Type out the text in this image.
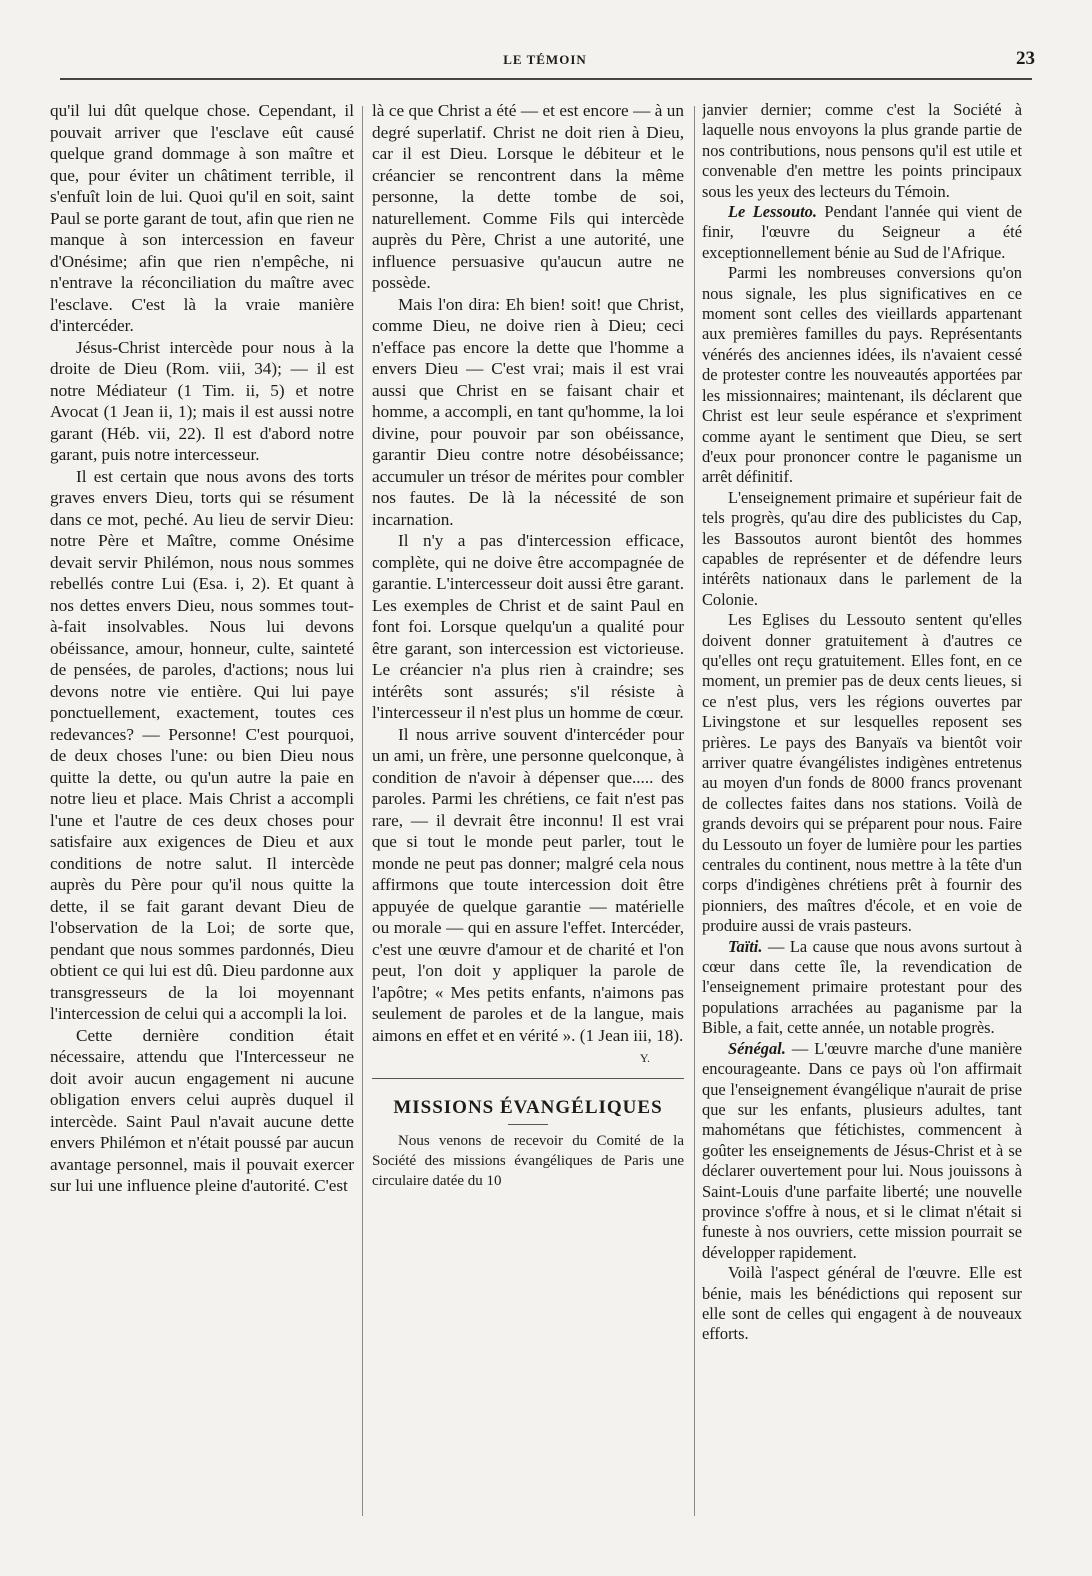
LE TÉMOIN	23

qu'il lui dût quelque chose. Cependant, il pouvait arriver que l'esclave eût causé quelque grand dommage à son maître et que, pour éviter un châtiment terrible, il s'enfuît loin de lui. Quoi qu'il en soit, saint Paul se porte garant de tout, afin que rien ne manque à son intercession en faveur d'Onésime; afin que rien n'empêche, ni n'entrave la réconciliation du maître avec l'esclave. C'est là la vraie manière d'intercéder.

Jésus-Christ intercède pour nous à la droite de Dieu (Rom. viii, 34); — il est notre Médiateur (1 Tim. ii, 5) et notre Avocat (1 Jean ii, 1); mais il est aussi notre garant (Héb. vii, 22). Il est d'abord notre garant, puis notre intercesseur.

Il est certain que nous avons des torts graves envers Dieu, torts qui se résument dans ce mot, peché. Au lieu de servir Dieu: notre Père et Maître, comme Onésime devait servir Philémon, nous nous sommes rebellés contre Lui (Esa. i, 2). Et quant à nos dettes envers Dieu, nous sommes tout-à-fait insolvables. Nous lui devons obéissance, amour, honneur, culte, sainteté de pensées, de paroles, d'actions; nous lui devons notre vie entière. Qui lui paye ponctuellement, exactement, toutes ces redevances? — Personne! C'est pourquoi, de deux choses l'une: ou bien Dieu nous quitte la dette, ou qu'un autre la paie en notre lieu et place. Mais Christ a accompli l'une et l'autre de ces deux choses pour satisfaire aux exigences de Dieu et aux conditions de notre salut. Il intercède auprès du Père pour qu'il nous quitte la dette, il se fait garant devant Dieu de l'observation de la Loi; de sorte que, pendant que nous sommes pardonnés, Dieu obtient ce qui lui est dû. Dieu pardonne aux transgresseurs de la loi moyennant l'intercession de celui qui a accompli la loi.

Cette dernière condition était nécessaire, attendu que l'Intercesseur ne doit avoir aucun engagement ni aucune obligation envers celui auprès duquel il intercède. Saint Paul n'avait aucune dette envers Philémon et n'était poussé par aucun avantage personnel, mais il pouvait exercer sur lui une influence pleine d'autorité. C'est

là ce que Christ a été — et est encore — à un degré superlatif. Christ ne doit rien à Dieu, car il est Dieu. Lorsque le débiteur et le créancier se rencontrent dans la même personne, la dette tombe de soi, naturellement. Comme Fils qui intercède auprès du Père, Christ a une autorité, une influence persuasive qu'aucun autre ne possède.

Mais l'on dira: Eh bien! soit! que Christ, comme Dieu, ne doive rien à Dieu; ceci n'efface pas encore la dette que l'homme a envers Dieu — C'est vrai; mais il est vrai aussi que Christ en se faisant chair et homme, a accompli, en tant qu'homme, la loi divine, pour pouvoir par son obéissance, garantir Dieu contre notre désobéissance; accumuler un trésor de mérites pour combler nos fautes. De là la nécessité de son incarnation.

Il n'y a pas d'intercession efficace, complète, qui ne doive être accompagnée de garantie. L'intercesseur doit aussi être garant. Les exemples de Christ et de saint Paul en font foi. Lorsque quelqu'un a qualité pour être garant, son intercession est victorieuse. Le créancier n'a plus rien à craindre; ses intérêts sont assurés; s'il résiste à l'intercesseur il n'est plus un homme de cœur.

Il nous arrive souvent d'intercéder pour un ami, un frère, une personne quelconque, à condition de n'avoir à dépenser que..... des paroles. Parmi les chrétiens, ce fait n'est pas rare, — il devrait être inconnu! Il est vrai que si tout le monde peut parler, tout le monde ne peut pas donner; malgré cela nous affirmons que toute intercession doit être appuyée de quelque garantie — matérielle ou morale — qui en assure l'effet. Intercéder, c'est une œuvre d'amour et de charité et l'on peut, l'on doit y appliquer la parole de l'apôtre; « Mes petits enfants, n'aimons pas seulement de paroles et de la langue, mais aimons en effet et en vérité ». (1 Jean iii, 18).

Y.
MISSIONS ÉVANGÉLIQUES

Nous venons de recevoir du Comité de la Société des missions évangéliques de Paris une circulaire datée du 10

janvier dernier; comme c'est la Société à laquelle nous envoyons la plus grande partie de nos contributions, nous pensons qu'il est utile et convenable d'en mettre les points principaux sous les yeux des lecteurs du Témoin.

Le Lessouto. Pendant l'année qui vient de finir, l'œuvre du Seigneur a été exceptionnellement bénie au Sud de l'Afrique.

Parmi les nombreuses conversions qu'on nous signale, les plus significatives en ce moment sont celles des vieillards appartenant aux premières familles du pays. Représentants vénérés des anciennes idées, ils n'avaient cessé de protester contre les nouveautés apportées par les missionnaires; maintenant, ils déclarent que Christ est leur seule espérance et s'expriment comme ayant le sentiment que Dieu, se sert d'eux pour prononcer contre le paganisme un arrêt définitif.

L'enseignement primaire et supérieur fait de tels progrès, qu'au dire des publicistes du Cap, les Bassoutos auront bientôt des hommes capables de représenter et de défendre leurs intérêts nationaux dans le parlement de la Colonie.

Les Eglises du Lessouto sentent qu'elles doivent donner gratuitement à d'autres ce qu'elles ont reçu gratuitement. Elles font, en ce moment, un premier pas de deux cents lieues, si ce n'est plus, vers les régions ouvertes par Livingstone et sur lesquelles reposent ses prières. Le pays des Banyaïs va bientôt voir arriver quatre évangélistes indigènes entretenus au moyen d'un fonds de 8000 francs provenant de collectes faites dans nos stations. Voilà de grands devoirs qui se préparent pour nous. Faire du Lessouto un foyer de lumière pour les parties centrales du continent, nous mettre à la tête d'un corps d'indigènes chrétiens prêt à fournir des pionniers, des maîtres d'école, et en voie de produire aussi de vrais pasteurs.

Taïti. — La cause que nous avons surtout à cœur dans cette île, la revendication de l'enseignement primaire protestant pour des populations arrachées au paganisme par la Bible, a fait, cette année, un notable progrès.

Sénégal. — L'œuvre marche d'une manière encourageante. Dans ce pays où l'on affirmait que l'enseignement évangélique n'aurait de prise que sur les enfants, plusieurs adultes, tant mahométans que fétichistes, commencent à goûter les enseignements de Jésus-Christ et à se déclarer ouvertement pour lui. Nous jouissons à Saint-Louis d'une parfaite liberté; une nouvelle province s'offre à nous, et si le climat n'était si funeste à nos ouvriers, cette mission pourrait se développer rapidement.

Voilà l'aspect général de l'œuvre. Elle est bénie, mais les bénédictions qui reposent sur elle sont de celles qui engagent à de nouveaux efforts.
